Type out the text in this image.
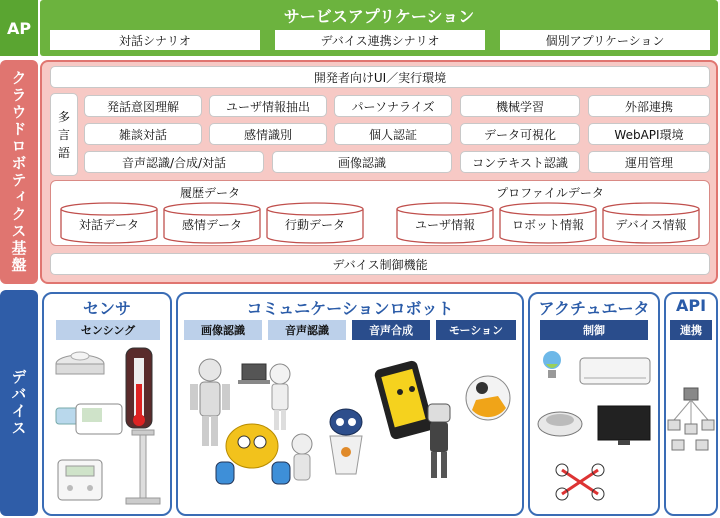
AP
サービスアプリケーション
対話シナリオ	デバイス連携シナリオ	個別アプリケーション
クラウドロボティクス基盤	開発者向けUI／実行環境
多
言
語
発話意図理解	ユーザ情報抽出	パーソナライズ	機械学習	外部連携
雑談対話	感情識別	個人認証	データ可視化	WebAPI環境
音声認識/合成/対話	画像認識	コンテキスト認識	運用管理
履歴データ	プロファイルデータ
対話データ	感情データ	行動データ	ユーザ情報	ロボット情報	デバイス情報
デバイス制御機能
デバイス
センサ
センシング
コミュニケーションロボット
画像認識	音声認識	音声合成	モーション
アクチュエータ
制御
API
連携
